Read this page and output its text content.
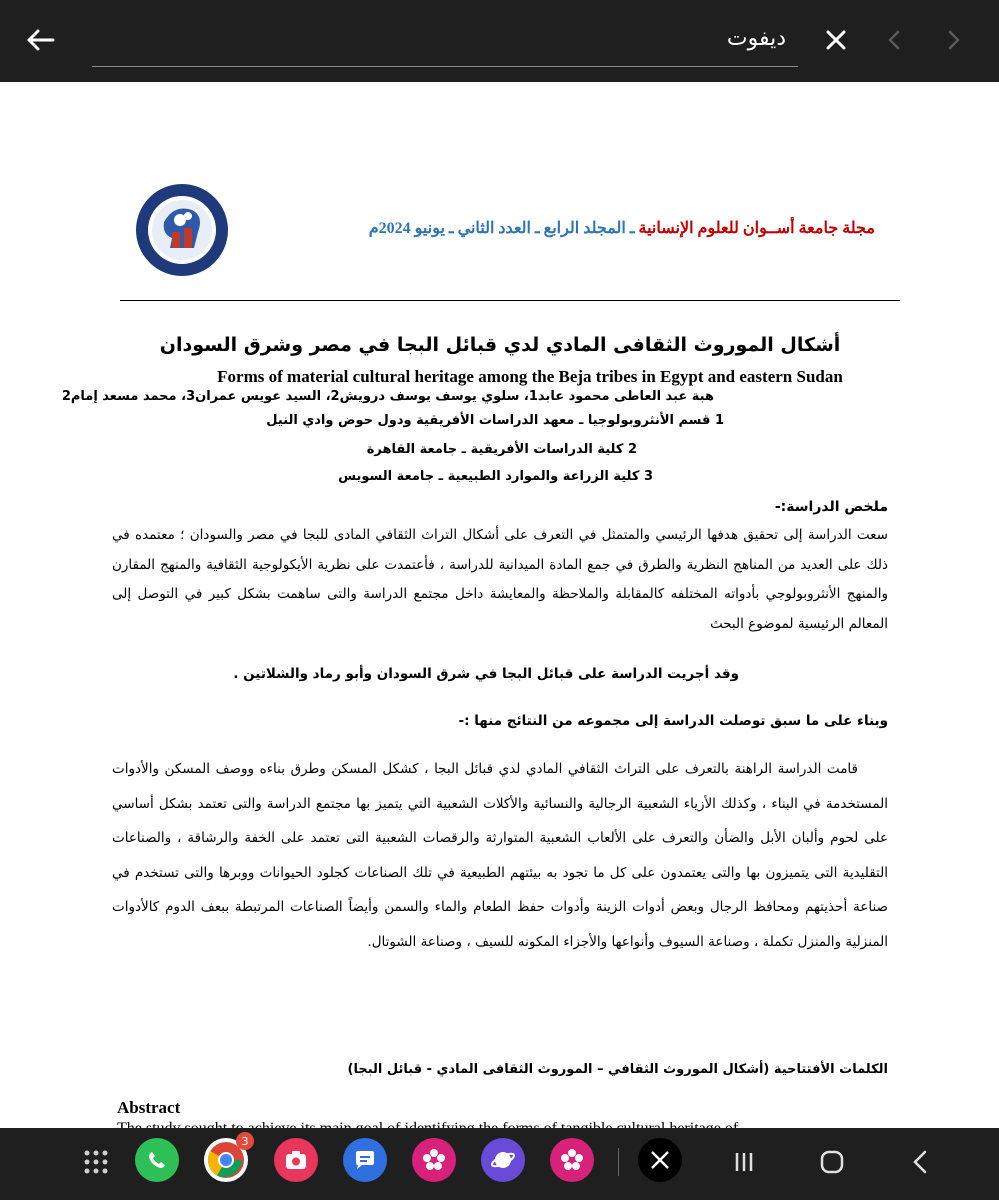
ديفوت
مجلة جامعة أســوان للعلوم الإنسانية ـ المجلد الرابع ـ العدد الثاني ـ يونيو 2024م
أشكال الموروث الثقافى المادي لدي قبائل البجا في مصر وشرق السودان
Forms of material cultural heritage among the Beja tribes in Egypt and eastern Sudan
هبة عبد العاطى محمود عابد1، سلوي يوسف يوسف درويش2، السيد عويس عمران3، محمد مسعد إمام2
1 قسم الأنثروبولوجيا ـ معهد الدراسات الأفريقية ودول حوض وادي النيل
2 كلية الدراسات الأفريقية ـ جامعة القاهرة
3 كلية الزراعة والموارد الطبيعية ـ جامعة السويس
ملخص الدراسة:-
سعت الدراسة إلى تحقيق هدفها الرئيسي والمتمثل في التعرف على أشكال التراث الثقافي المادى للبجا في مصر والسودان ؛ معتمده في ذلك على العديد من المناهج النظرية والطرق في جمع المادة الميدانية للدراسة ، فأعتمدت على نظرية الأيكولوجية الثقافية والمنهج المقارن والمنهج الأنثروبولوجي بأدواته المختلفه كالمقابلة والملاحظة والمعايشة داخل مجتمع الدراسة والتى ساهمت بشكل كبير في التوصل إلى المعالم الرئيسية لموضوع البحث
وقد أجريت الدراسة على قبائل البجا في شرق السودان وأبو رماد والشلاتين .
وبناء على ما سبق توصلت الدراسة إلى مجموعه من النتائج منها :-
قامت الدراسة الراهنة بالتعرف على التراث الثقافي المادي لدي قبائل البجا ، كشكل المسكن وطرق بناءه ووصف المسكن والأدوات المستخدمة في البناء ، وكذلك الأزياء الشعبية الرجالية والنسائية والأكلات الشعبية التي يتميز بها مجتمع الدراسة والتى تعتمد بشكل أساسي على لحوم وألبان الأبل والضأن والتعرف على الألعاب الشعبية المتوارثة والرقصات الشعبية التى تعتمد على الخفة والرشاقة ، والصناعات التقليدية التى يتميزون بها والتى يعتمدون على كل ما تجود به بيئتهم الطبيعية في تلك الصناعات كجلود الحيوانات ووبرها والتى تستخدم في صناعة أحذيتهم ومحافظ الرجال وبعض أدوات الزينة وأدوات حفظ الطعام والماء والسمن وأيضاً الصناعات المرتبطة ببعف الدوم كالأدوات المنزلية والمنزل تكملة ، وصناعة السيوف وأنواعها والأجزاء المكونه للسيف ، وصناعة الشوتال.
الكلمات الأفتتاحية (أشكال الموروث الثقافي – الموروث الثقافى المادي - قبائل البجا)
Abstract
3
